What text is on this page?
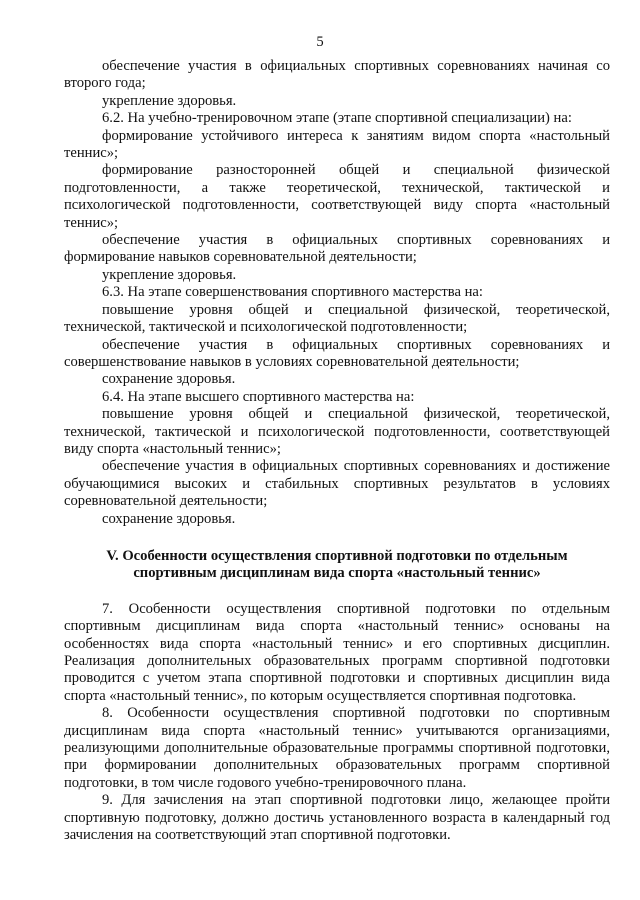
5

обеспечение участия в официальных спортивных соревнованиях начиная со второго года;

укрепление здоровья.

6.2. На учебно-тренировочном этапе (этапе спортивной специализации) на:

формирование устойчивого интереса к занятиям видом спорта «настольный теннис»;

формирование разносторонней общей и специальной физической подготовленности, а также теоретической, технической, тактической и психологической подготовленности, соответствующей виду спорта «настольный теннис»;

обеспечение участия в официальных спортивных соревнованиях и формирование навыков соревновательной деятельности;

укрепление здоровья.

6.3. На этапе совершенствования спортивного мастерства на:

повышение уровня общей и специальной физической, теоретической, технической, тактической и психологической подготовленности;

обеспечение участия в официальных спортивных соревнованиях и совершенствование навыков в условиях соревновательной деятельности;

сохранение здоровья.

6.4. На этапе высшего спортивного мастерства на:

повышение уровня общей и специальной физической, теоретической, технической, тактической и психологической подготовленности, соответствующей виду спорта «настольный теннис»;

обеспечение участия в официальных спортивных соревнованиях и достижение обучающимися высоких и стабильных спортивных результатов в условиях соревновательной деятельности;

сохранение здоровья.

V. Особенности осуществления спортивной подготовки по отдельным
спортивным дисциплинам вида спорта «настольный теннис»

7. Особенности осуществления спортивной подготовки по отдельным спортивным дисциплинам вида спорта «настольный теннис» основаны на особенностях вида спорта «настольный теннис» и его спортивных дисциплин. Реализация дополнительных образовательных программ спортивной подготовки проводится с учетом этапа спортивной подготовки и спортивных дисциплин вида спорта «настольный теннис», по которым осуществляется спортивная подготовка.

8. Особенности осуществления спортивной подготовки по спортивным дисциплинам вида спорта «настольный теннис» учитываются организациями, реализующими дополнительные образовательные программы спортивной подготовки, при формировании дополнительных образовательных программ спортивной подготовки, в том числе годового учебно-тренировочного плана.

9. Для зачисления на этап спортивной подготовки лицо, желающее пройти спортивную подготовку, должно достичь установленного возраста в календарный год зачисления на соответствующий этап спортивной подготовки.
